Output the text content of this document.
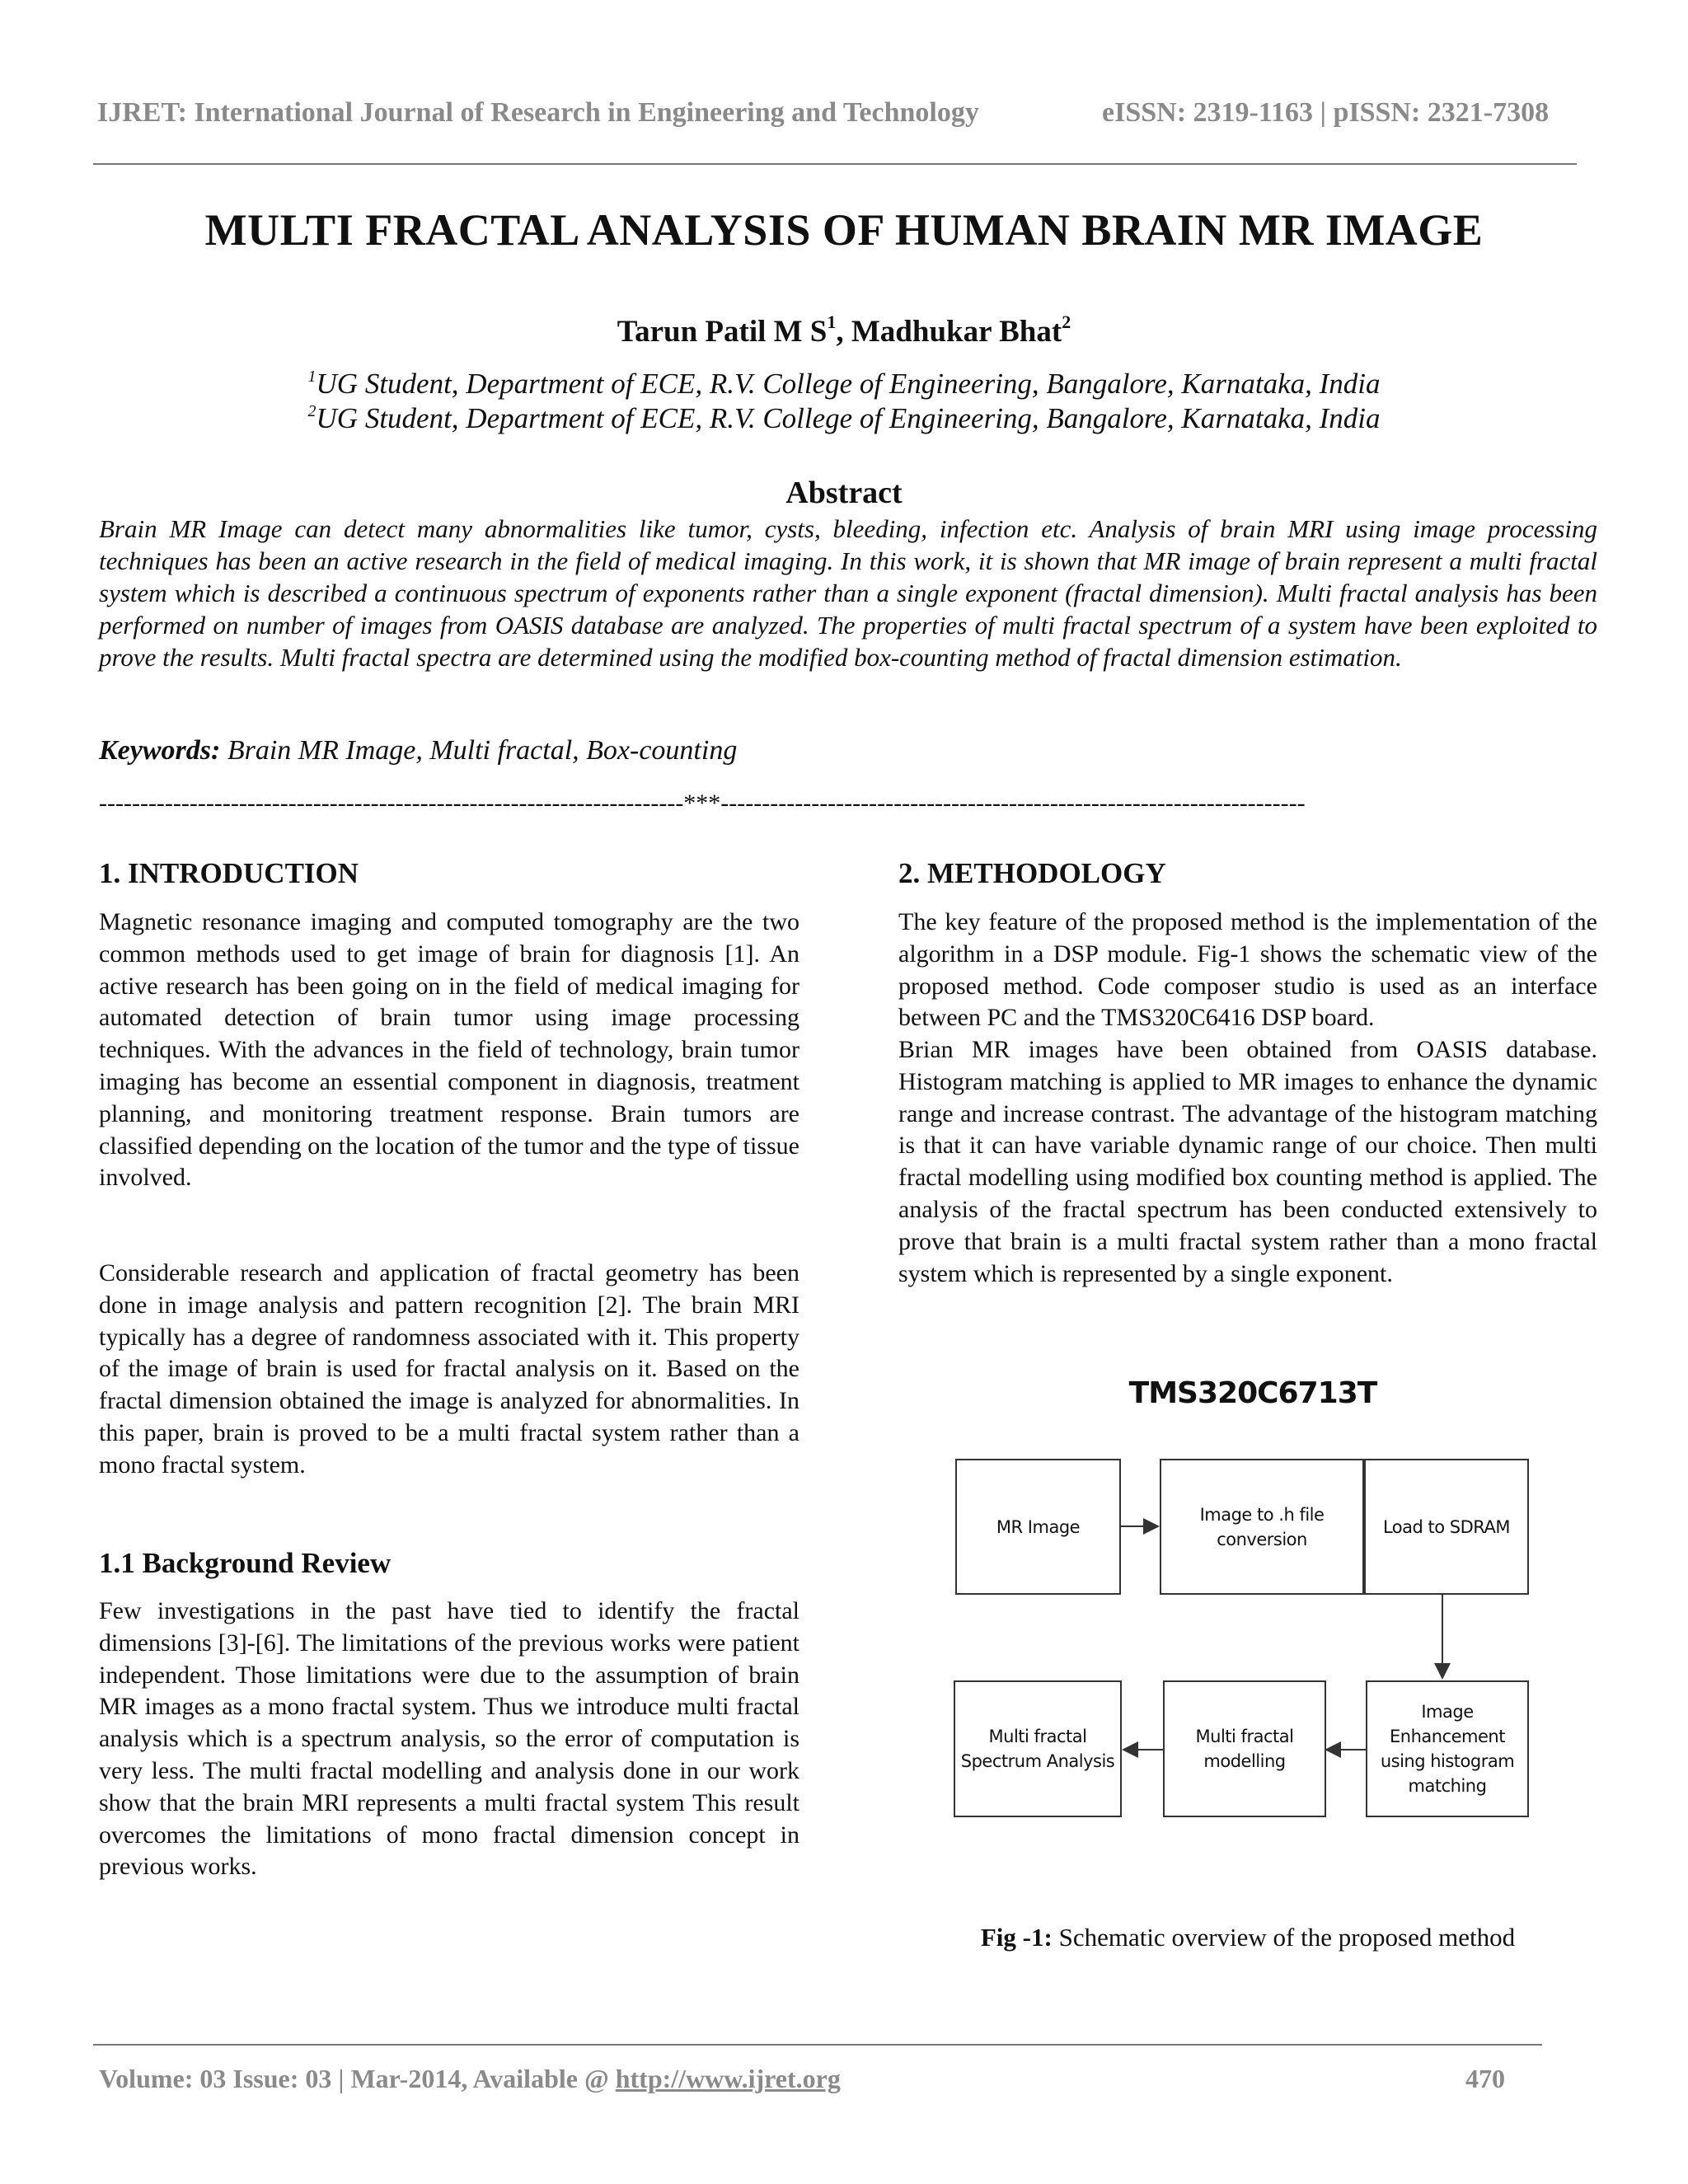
IJRET: International Journal of Research in Engineering and Technology	eISSN: 2319-1163 | pISSN: 2321-7308
MULTI FRACTAL ANALYSIS OF HUMAN BRAIN MR IMAGE
Tarun Patil M $S^1$, Madhukar Bhat$^2$
$^1$UG Student, Department of ECE, R.V. College of Engineering, Bangalore, Karnataka, India
$^2$UG Student, Department of ECE, R.V. College of Engineering, Bangalore, Karnataka, India
Abstract
Brain MR Image can detect many abnormalities like tumor, cysts, bleeding, infection etc. Analysis of brain MRI using image processing techniques has been an active research in the field of medical imaging. In this work, it is shown that MR image of brain represent a multi fractal system which is described a continuous spectrum of exponents rather than a single exponent (fractal dimension). Multi fractal analysis has been performed on number of images from OASIS database are analyzed. The properties of multi fractal spectrum of a system have been exploited to prove the results. Multi fractal spectra are determined using the modified box-counting method of fractal dimension estimation.
Keywords: Brain MR Image, Multi fractal, Box-counting
-----------------------------------------------------------------------***-----------------------------------------------------------------------
1. INTRODUCTION
Magnetic resonance imaging and computed tomography are the two common methods used to get image of brain for diagnosis [1]. An active research has been going on in the field of medical imaging for automated detection of brain tumor using image processing techniques. With the advances in the field of technology, brain tumor imaging has become an essential component in diagnosis, treatment planning, and monitoring treatment response. Brain tumors are classified depending on the location of the tumor and the type of tissue involved.
Considerable research and application of fractal geometry has been done in image analysis and pattern recognition [2]. The brain MRI typically has a degree of randomness associated with it. This property of the image of brain is used for fractal analysis on it. Based on the fractal dimension obtained the image is analyzed for abnormalities. In this paper, brain is proved to be a multi fractal system rather than a mono fractal system.
1.1 Background Review
Few investigations in the past have tied to identify the fractal dimensions [3]-[6]. The limitations of the previous works were patient independent. Those limitations were due to the assumption of brain MR images as a mono fractal system. Thus we introduce multi fractal analysis which is a spectrum analysis, so the error of computation is very less. The multi fractal modelling and analysis done in our work show that the brain MRI represents a multi fractal system This result overcomes the limitations of mono fractal dimension concept in previous works.
2. METHODOLOGY
The key feature of the proposed method is the implementation of the algorithm in a DSP module. Fig-1 shows the schematic view of the proposed method. Code composer studio is used as an interface between PC and the TMS320C6416 DSP board.
Brian MR images have been obtained from OASIS database. Histogram matching is applied to MR images to enhance the dynamic range and increase contrast. The advantage of the histogram matching is that it can have variable dynamic range of our choice. Then multi fractal modelling using modified box counting method is applied. The analysis of the fractal spectrum has been conducted extensively to prove that brain is a multi fractal system rather than a mono fractal system which is represented by a single exponent.
TMS320C6713T
MR Image
Image to .h file conversion
Load to SDRAM
Multi fractal Spectrum Analysis
Multi fractal modelling
Image Enhancement using histogram matching
Fig -1: Schematic overview of the proposed method
Volume: 03 Issue: 03 | Mar-2014, Available @ http://www.ijret.org	470
